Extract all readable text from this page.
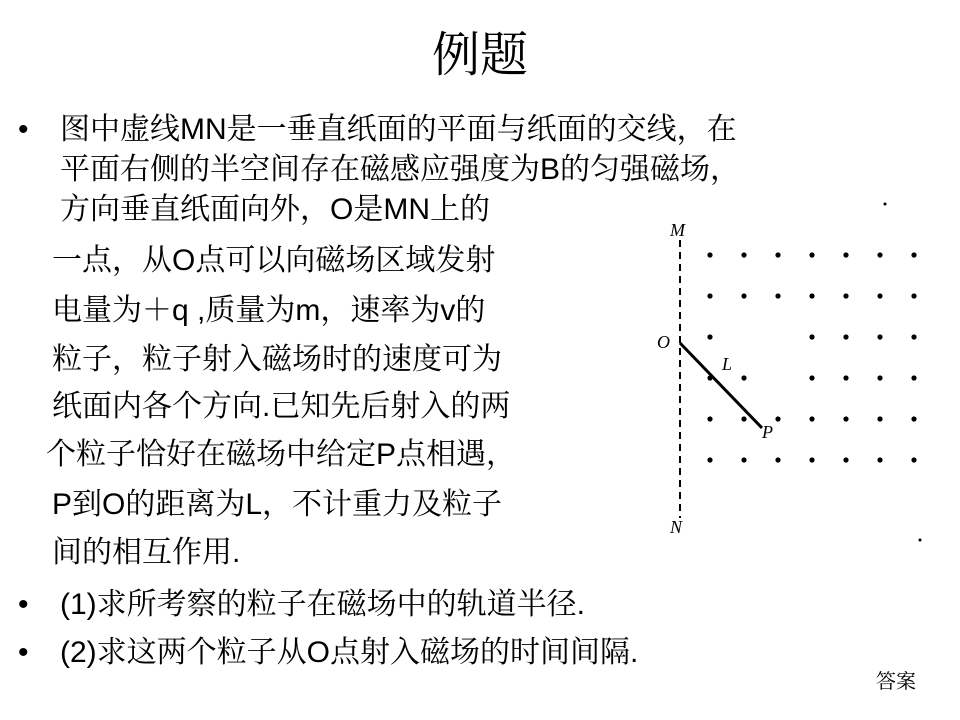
例题
• 图中虚线MN是一垂直纸面的平面与纸面的交线，在
平面右侧的半空间存在磁感应强度为B的匀强磁场，
方向垂直纸面向外，O是MN上的
一点，从O点可以向磁场区域发射
电量为＋q ,质量为m，速率为v的
粒子，粒子射入磁场时的速度可为
纸面内各个方向.已知先后射入的两
个粒子恰好在磁场中给定P点相遇，
P到O的距离为L，不计重力及粒子
间的相互作用.
• (1)求所考察的粒子在磁场中的轨道半径.
• (2)求这两个粒子从O点射入磁场的时间间隔.
答案
M
N
O
L
P
